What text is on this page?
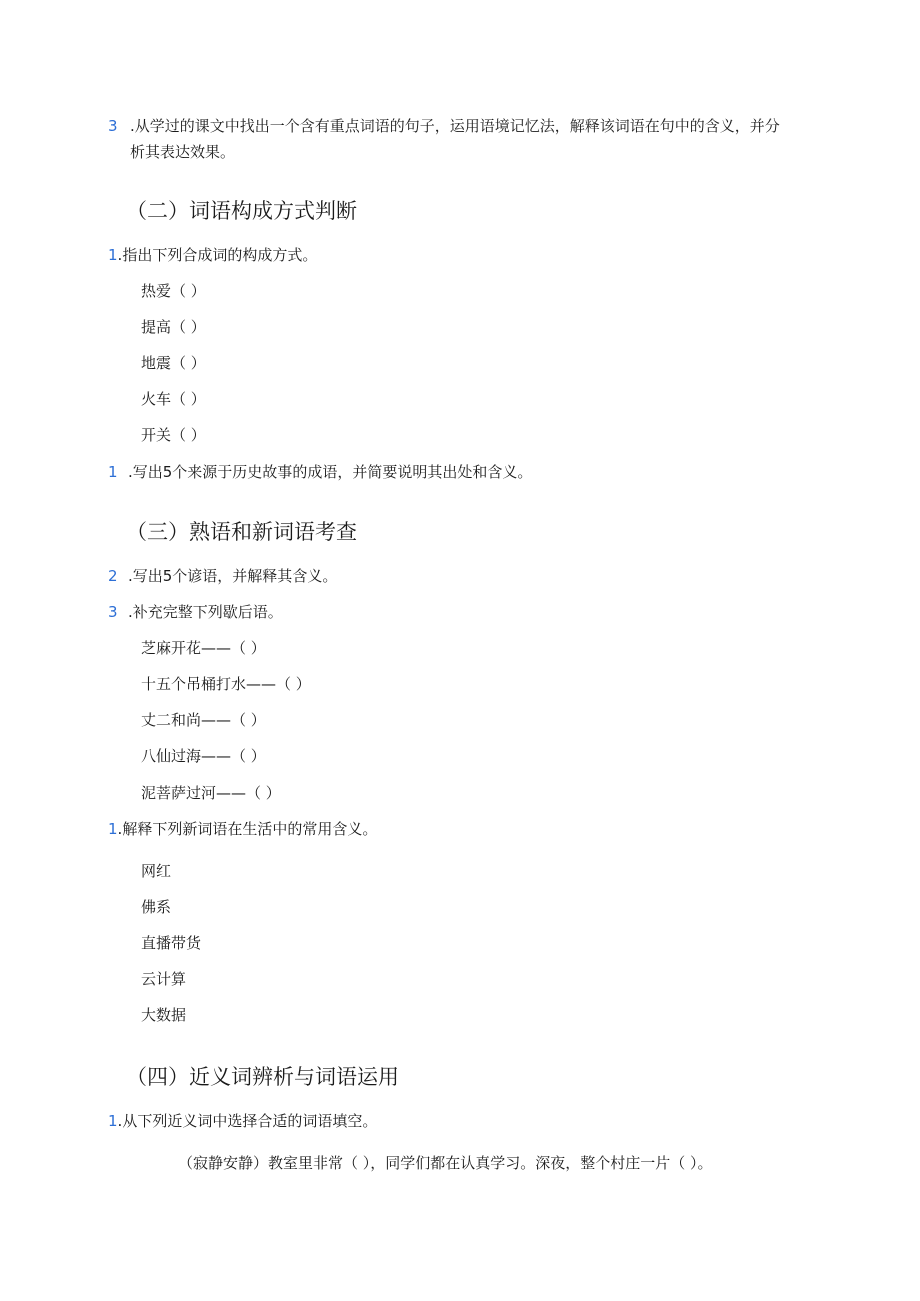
3 .从学过的课文中找出一个含有重点词语的句子，运用语境记忆法，解释该词语在句中的含义，并分
析其表达效果。
（二）词语构成方式判断
1.指出下列合成词的构成方式。
热爱（ ）
提高（ ）
地震（ ）
火车（ ）
开关（ ）
1 .写出5个来源于历史故事的成语，并简要说明其出处和含义。
（三）熟语和新词语考查
2 .写出5个谚语，并解释其含义。
3 .补充完整下列歇后语。
芝麻开花——（ ）
十五个吊桶打水——（ ）
丈二和尚——（ ）
八仙过海——（ ）
泥菩萨过河——（ ）
1.解释下列新词语在生活中的常用含义。
网红
佛系
直播带货
云计算
大数据
（四）近义词辨析与词语运用
1.从下列近义词中选择合适的词语填空。
（寂静安静）教室里非常（ ），同学们都在认真学习。深夜，整个村庄一片（ ）。
